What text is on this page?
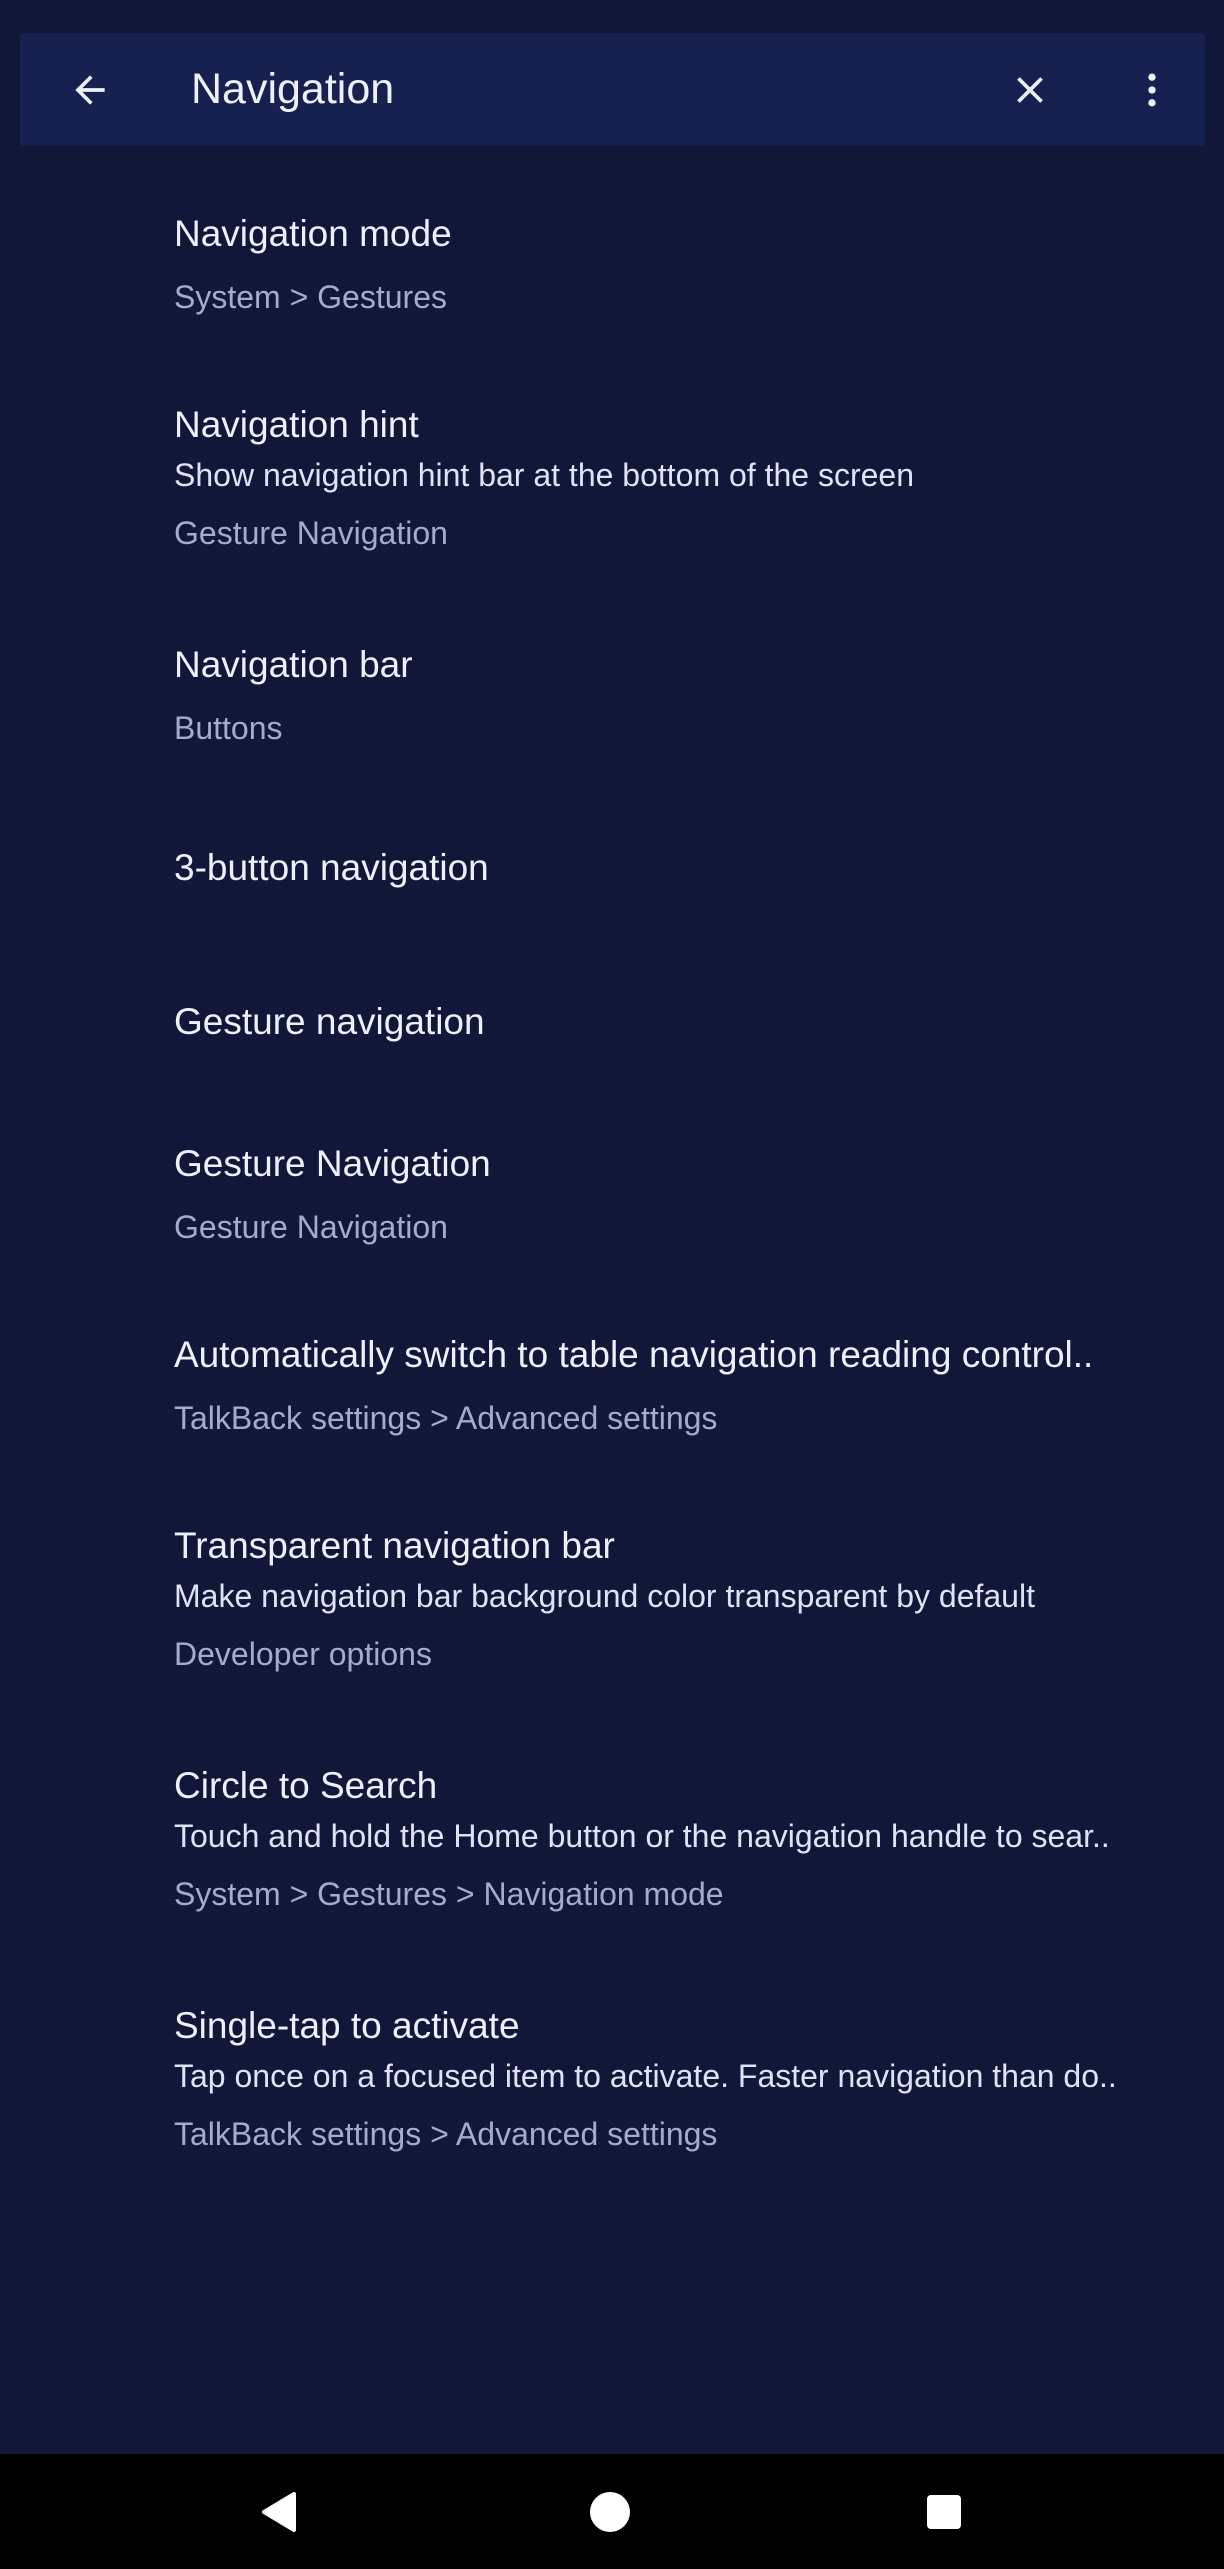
Navigation
Navigation mode
System > Gestures
Navigation hint
Show navigation hint bar at the bottom of the screen
Gesture Navigation
Navigation bar
Buttons
3-button navigation
Gesture navigation
Gesture Navigation
Gesture Navigation
Automatically switch to table navigation reading control..
TalkBack settings > Advanced settings
Transparent navigation bar
Make navigation bar background color transparent by default
Developer options
Circle to Search
Touch and hold the Home button or the navigation handle to sear..
System > Gestures > Navigation mode
Single-tap to activate
Tap once on a focused item to activate. Faster navigation than do..
TalkBack settings > Advanced settings
